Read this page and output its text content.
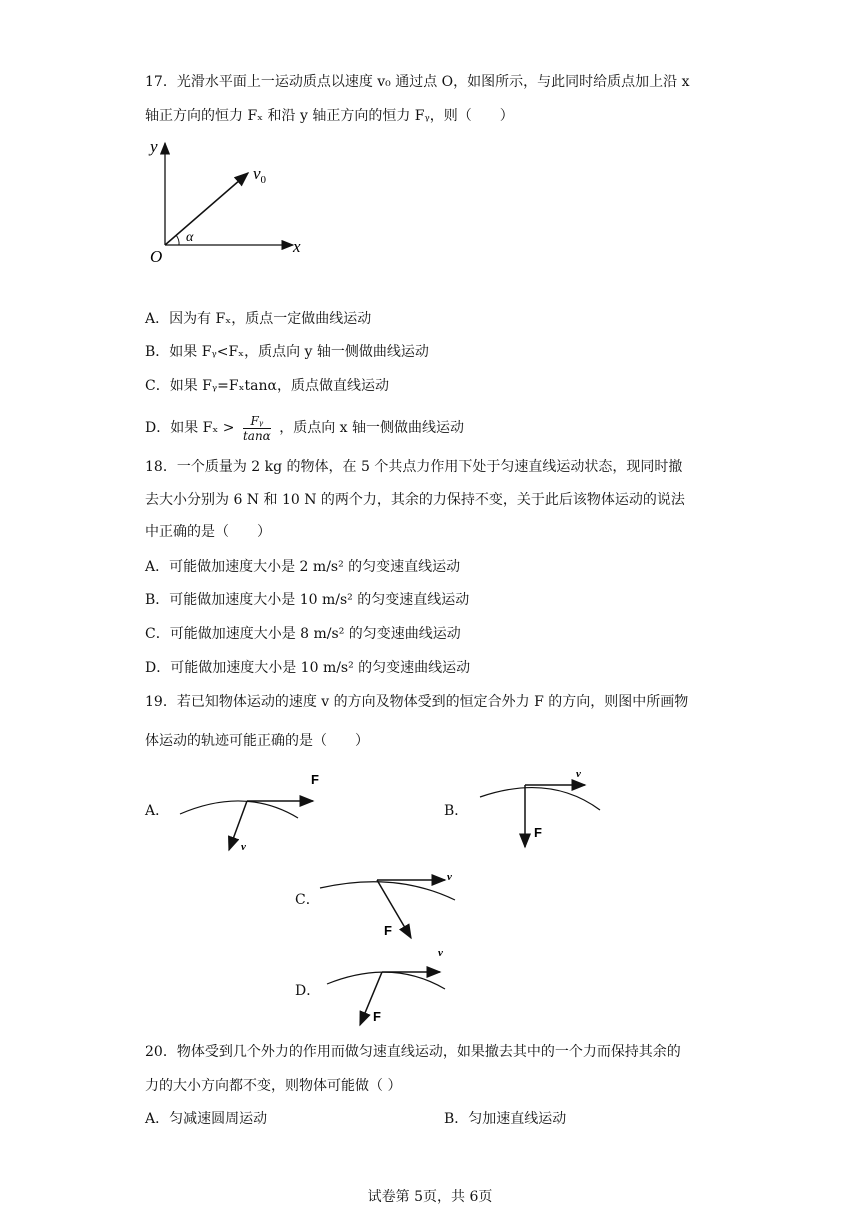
17．光滑水平面上一运动质点以速度 v₀ 通过点 O，如图所示，与此同时给质点加上沿 x
轴正方向的恒力 Fₓ 和沿 y 轴正方向的恒力 Fᵧ，则（　　）
y
x
O
$v_0$
α
A．因为有 Fₓ，质点一定做曲线运动
B．如果 Fᵧ<Fₓ，质点向 y 轴一侧做曲线运动
C．如果 Fᵧ=Fₓtanα，质点做直线运动
D．如果 $F_x > \frac{\text{Fᵧ}}{\tan\alpha}$ ，质点向 x 轴一侧做曲线运动
18．一个质量为 2 kg 的物体，在 5 个共点力作用下处于匀速直线运动状态，现同时撤
去大小分别为 6 N 和 10 N 的两个力，其余的力保持不变，关于此后该物体运动的说法
中正确的是（　　）
A．可能做加速度大小是 2 m/s² 的匀变速直线运动
B．可能做加速度大小是 10 m/s² 的匀变速直线运动
C．可能做加速度大小是 8 m/s² 的匀变速曲线运动
D．可能做加速度大小是 10 m/s² 的匀变速曲线运动
19．若已知物体运动的速度 v 的方向及物体受到的恒定合外力 F 的方向，则图中所画物
体运动的轨迹可能正确的是（　　）
A．
F
v
B．
v
F
C．
v
F
D．
v
F
20．物体受到几个外力的作用而做匀速直线运动，如果撤去其中的一个力而保持其余的
力的大小方向都不变，则物体可能做（ ）
A．匀减速圆周运动	B．匀加速直线运动
试卷第 5页，共 6页
